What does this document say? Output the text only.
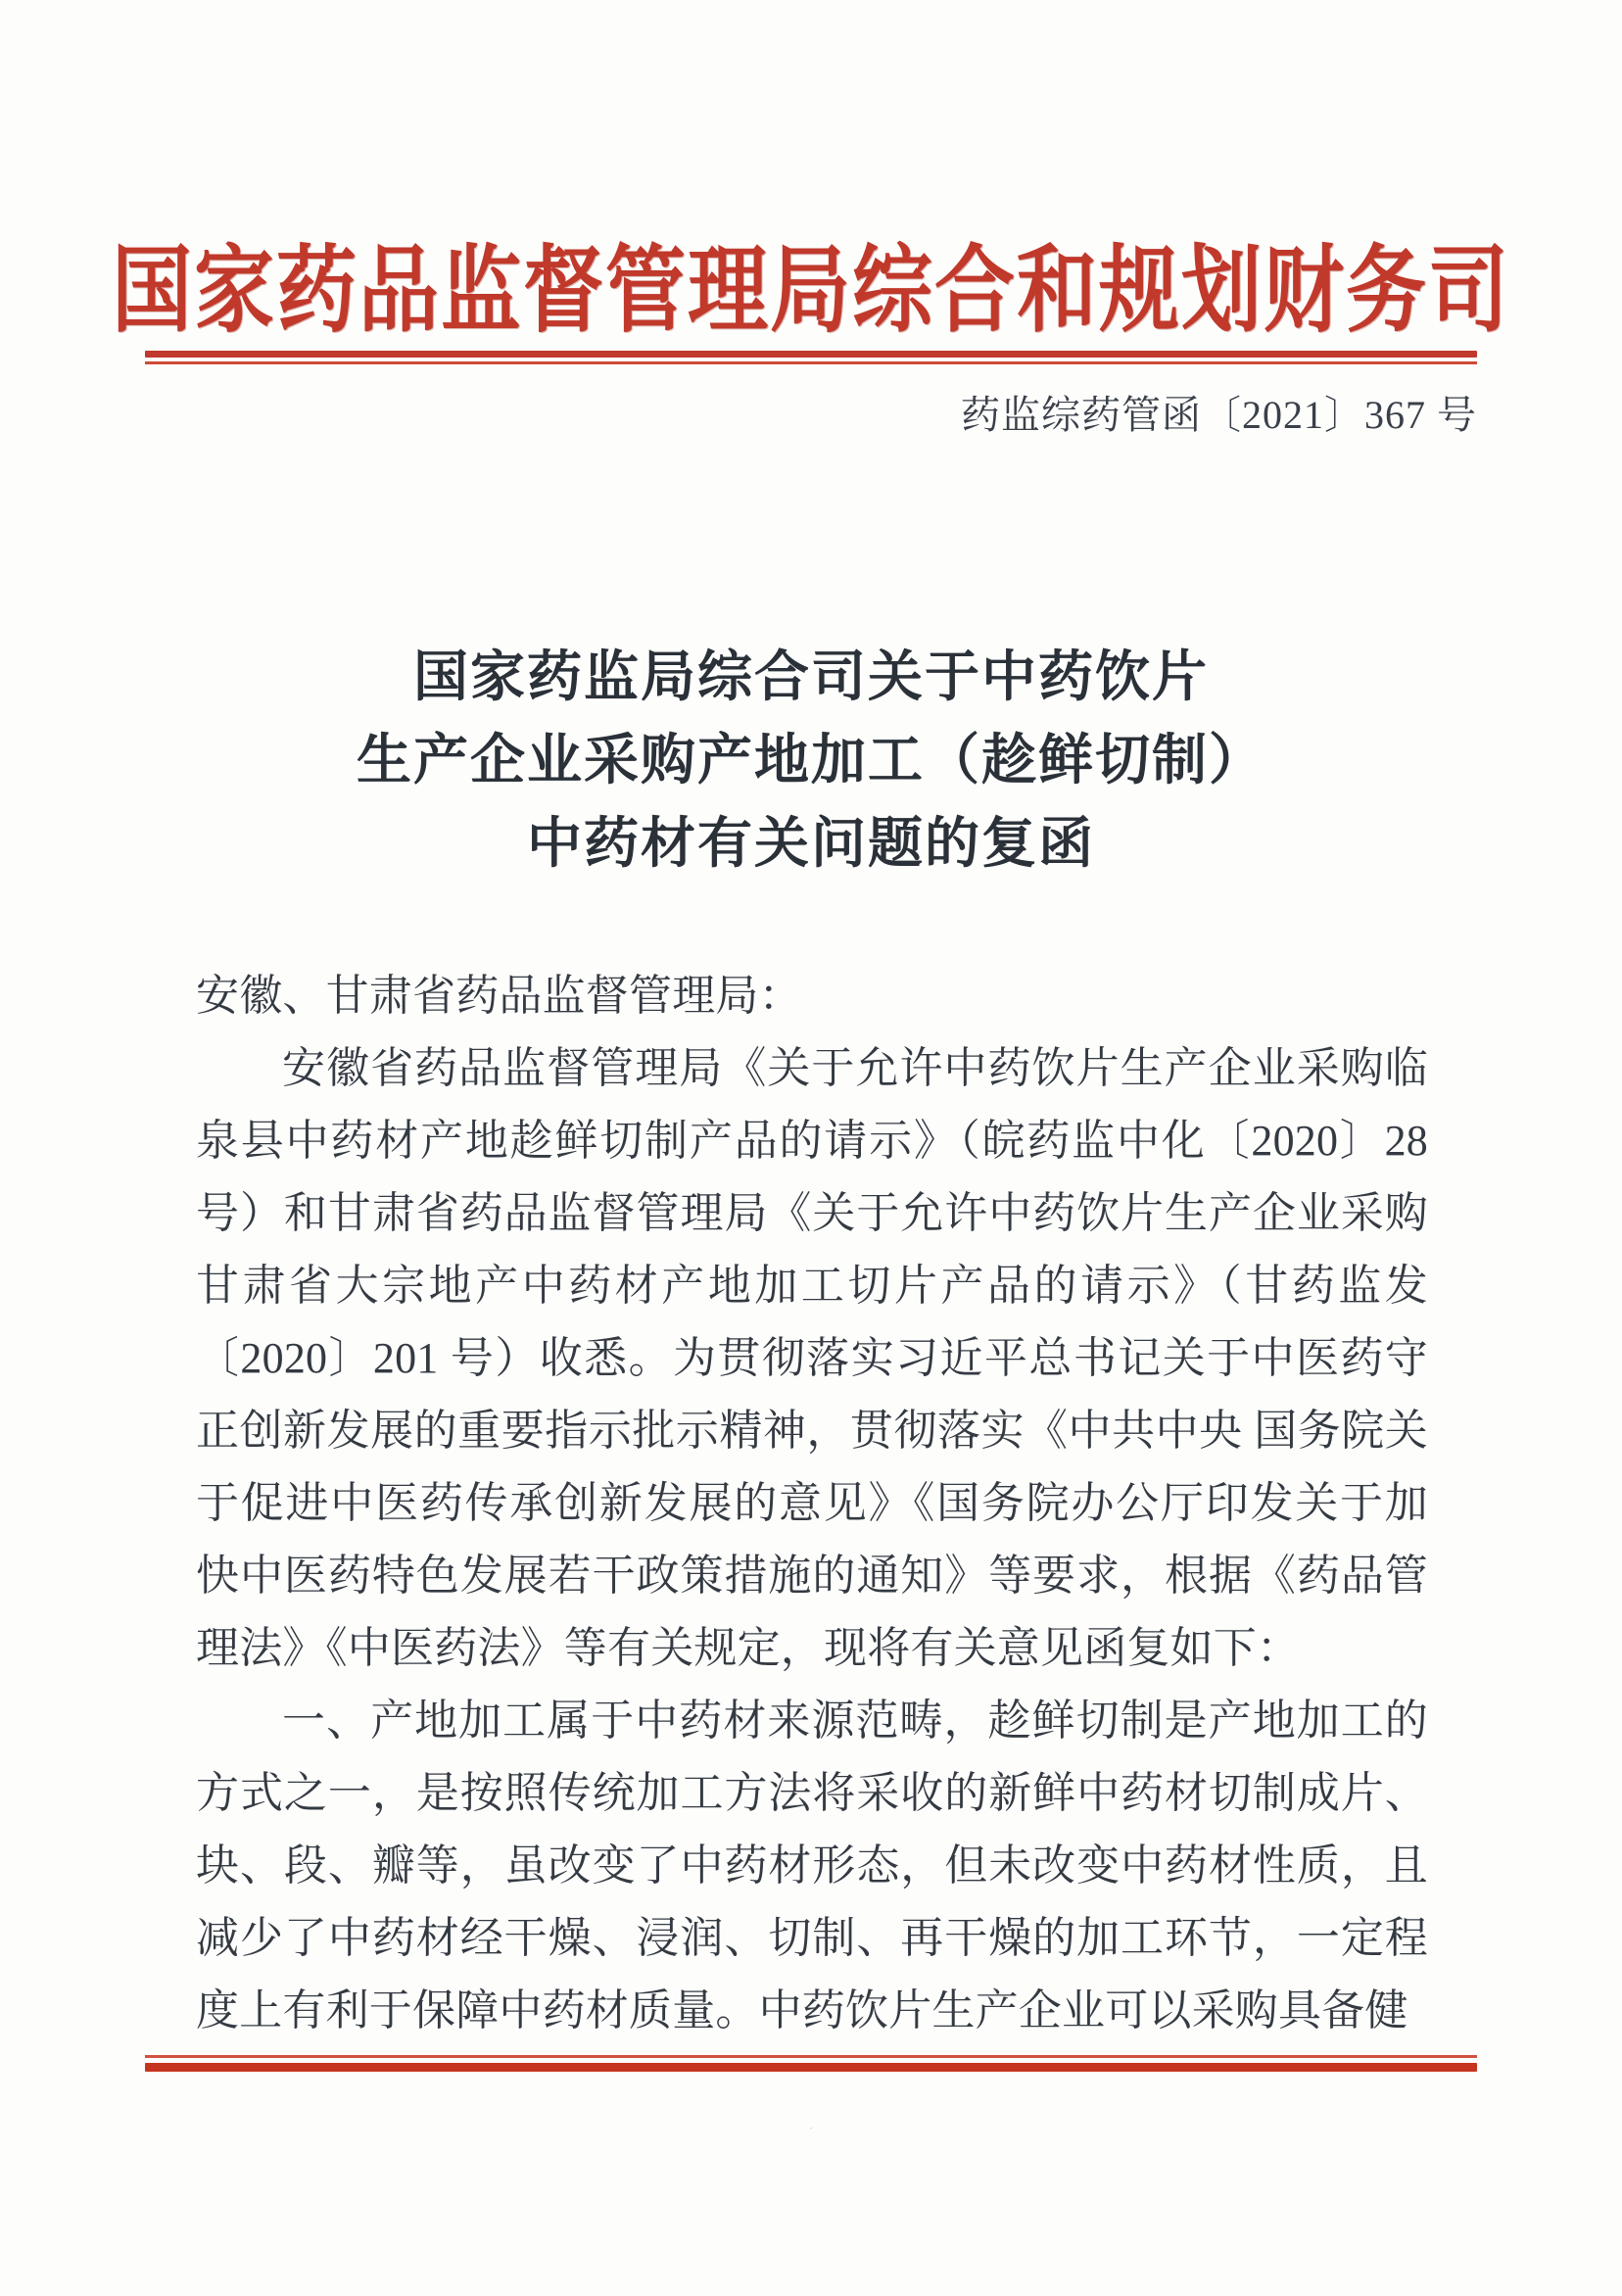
国家药品监督管理局综合和规划财务司
药监综药管函〔2021〕367 号
国家药监局综合司关于中药饮片
生产企业采购产地加工（趁鲜切制）
中药材有关问题的复函

安徽、甘肃省药品监督管理局：

安徽省药品监督管理局《关于允许中药饮片生产企业采购临泉县中药材产地趁鲜切制产品的请示》（皖药监中化〔2020〕28 号）和甘肃省药品监督管理局《关于允许中药饮片生产企业采购甘肃省大宗地产中药材产地加工切片产品的请示》（甘药监发〔2020〕201 号）收悉。为贯彻落实习近平总书记关于中医药守正创新发展的重要指示批示精神，贯彻落实《中共中央 国务院关于促进中医药传承创新发展的意见》《国务院办公厅印发关于加快中医药特色发展若干政策措施的通知》等要求，根据《药品管理法》《中医药法》等有关规定，现将有关意见函复如下：

一、产地加工属于中药材来源范畴，趁鲜切制是产地加工的方式之一，是按照传统加工方法将采收的新鲜中药材切制成片、块、段、瓣等，虽改变了中药材形态，但未改变中药材性质，且减少了中药材经干燥、浸润、切制、再干燥的加工环节，一定程度上有利于保障中药材质量。中药饮片生产企业可以采购具备健

·
